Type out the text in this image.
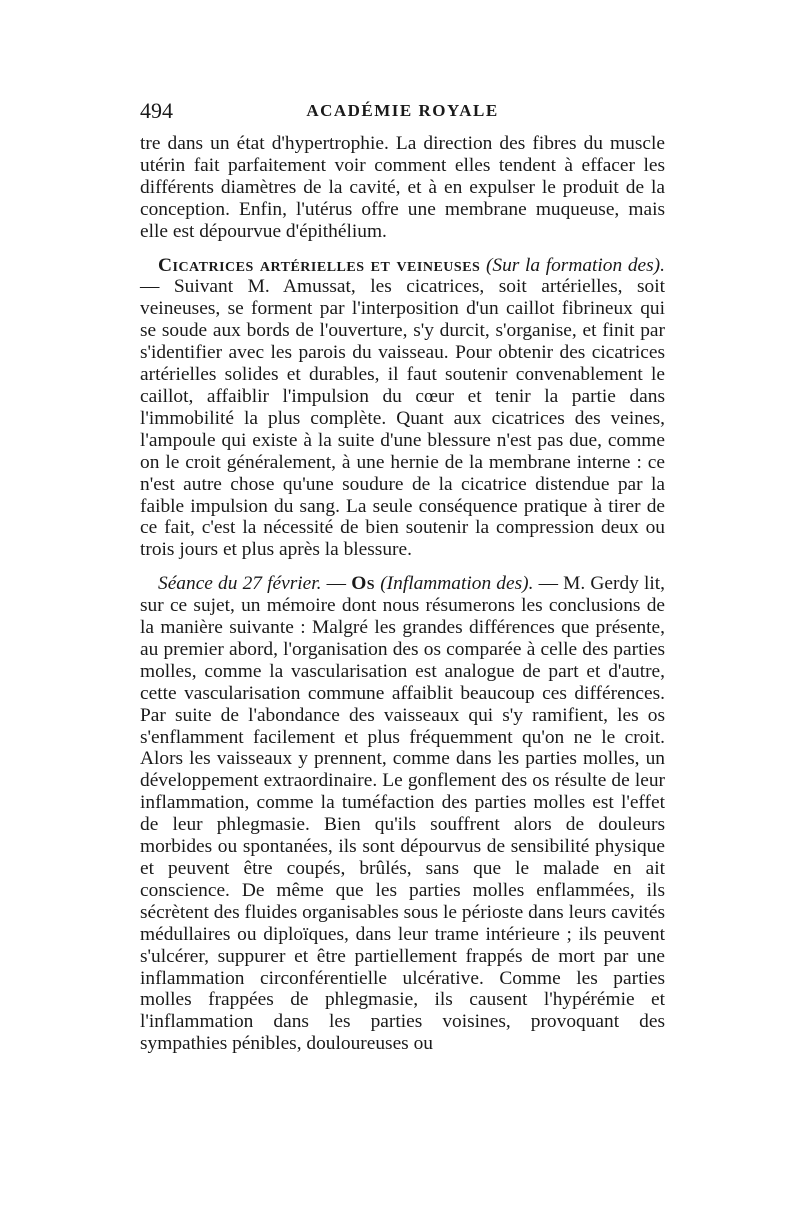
494	ACADÉMIE ROYALE

tre dans un état d'hypertrophie. La direction des fibres du muscle utérin fait parfaitement voir comment elles tendent à effacer les différents diamètres de la cavité, et à en expulser le produit de la conception. Enfin, l'utérus offre une membrane muqueuse, mais elle est dépourvue d'épithélium.

Cicatrices artérielles et veineuses (Sur la formation des). — Suivant M. Amussat, les cicatrices, soit artérielles, soit veineuses, se forment par l'interposition d'un caillot fibrineux qui se soude aux bords de l'ouverture, s'y durcit, s'organise, et finit par s'identifier avec les parois du vaisseau. Pour obtenir des cicatrices artérielles solides et durables, il faut soutenir convenablement le caillot, affaiblir l'impulsion du cœur et tenir la partie dans l'immobilité la plus complète. Quant aux cicatrices des veines, l'ampoule qui existe à la suite d'une blessure n'est pas due, comme on le croit généralement, à une hernie de la membrane interne : ce n'est autre chose qu'une soudure de la cicatrice distendue par la faible impulsion du sang. La seule conséquence pratique à tirer de ce fait, c'est la nécessité de bien soutenir la compression deux ou trois jours et plus après la blessure.

Séance du 27 février. — Os (Inflammation des). — M. Gerdy lit, sur ce sujet, un mémoire dont nous résumerons les conclusions de la manière suivante : Malgré les grandes différences que présente, au premier abord, l'organisation des os comparée à celle des parties molles, comme la vascularisation est analogue de part et d'autre, cette vascularisation commune affaiblit beaucoup ces différences. Par suite de l'abondance des vaisseaux qui s'y ramifient, les os s'enflamment facilement et plus fréquemment qu'on ne le croit. Alors les vaisseaux y prennent, comme dans les parties molles, un développement extraordinaire. Le gonflement des os résulte de leur inflammation, comme la tuméfaction des parties molles est l'effet de leur phlegmasie. Bien qu'ils souffrent alors de douleurs morbides ou spontanées, ils sont dépourvus de sensibilité physique et peuvent être coupés, brûlés, sans que le malade en ait conscience. De même que les parties molles enflammées, ils sécrètent des fluides organisables sous le périoste dans leurs cavités médullaires ou diploïques, dans leur trame intérieure ; ils peuvent s'ulcérer, suppurer et être partiellement frappés de mort par une inflammation circonférentielle ulcérative. Comme les parties molles frappées de phlegmasie, ils causent l'hypérémie et l'inflammation dans les parties voisines, provoquant des sympathies pénibles, douloureuses ou
